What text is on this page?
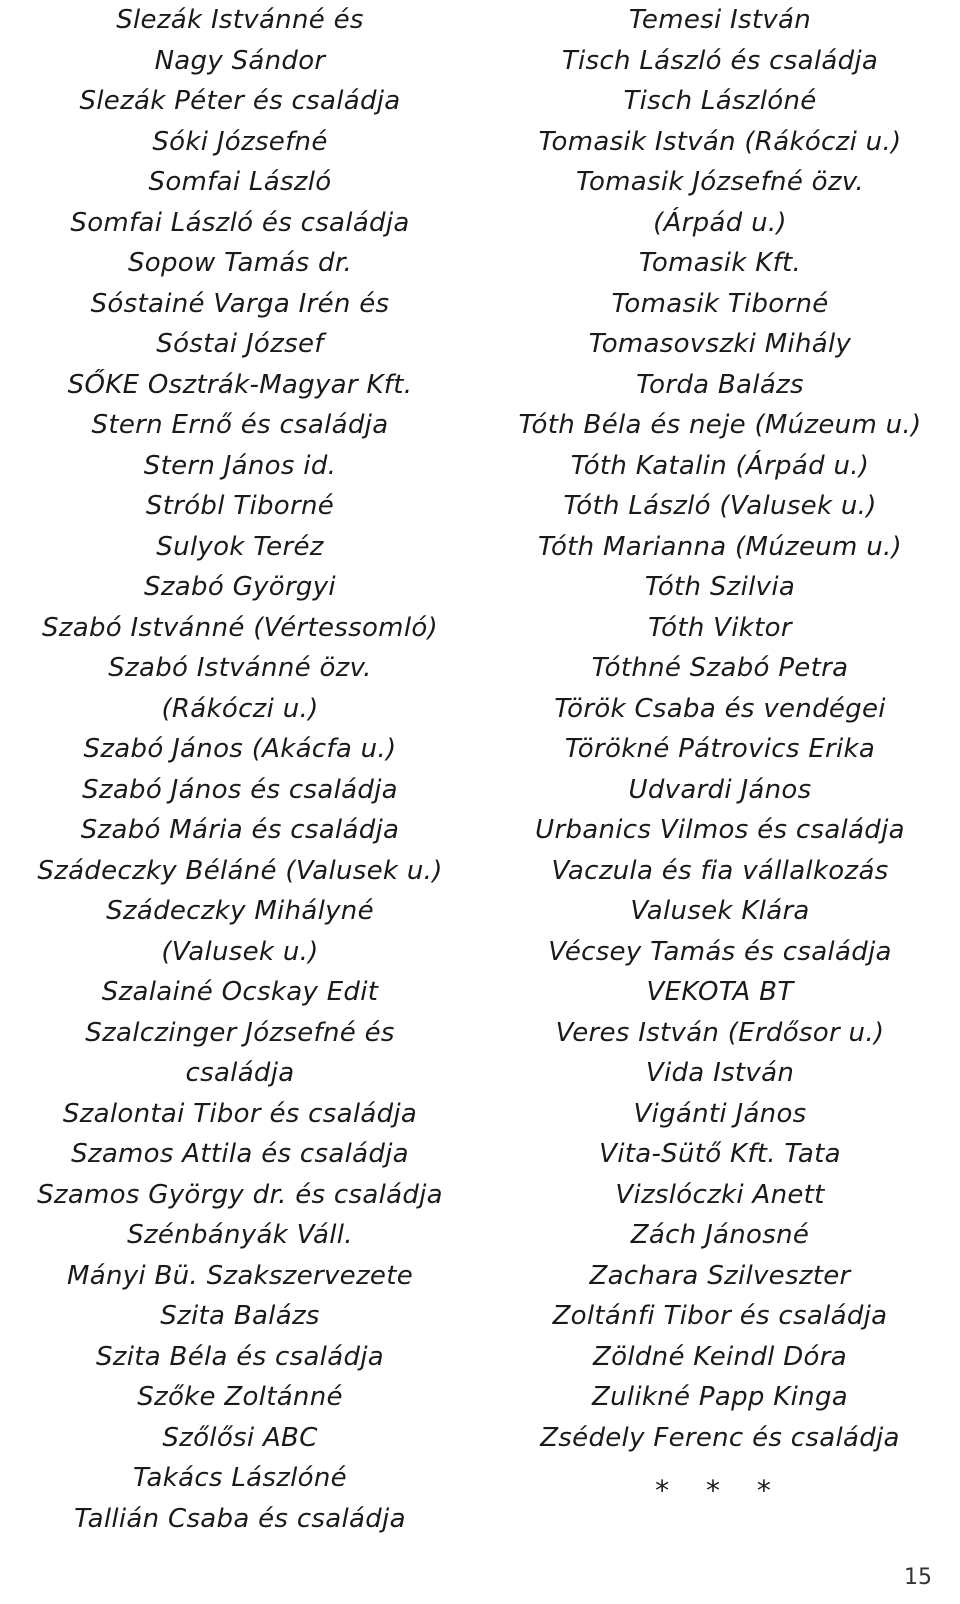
Slezák Istvánné és
Nagy Sándor
Slezák Péter és családja
Sóki Józsefné
Somfai László
Somfai László és családja
Sopow Tamás dr.
Sóstainé Varga Irén és
Sóstai József
SŐKE Osztrák-Magyar Kft.
Stern Ernő és családja
Stern János id.
Stróbl Tiborné
Sulyok Teréz
Szabó Györgyi
Szabó Istvánné (Vértessomló)
Szabó Istvánné özv.
(Rákóczi u.)
Szabó János (Akácfa u.)
Szabó János és családja
Szabó Mária és családja
Szádeczky Béláné (Valusek u.)
Szádeczky Mihályné
(Valusek u.)
Szalainé Ocskay Edit
Szalczinger Józsefné és
családja
Szalontai Tibor és családja
Szamos Attila és családja
Szamos György dr. és családja
Szénbányák Váll.
Mányi Bü. Szakszervezete
Szita Balázs
Szita Béla és családja
Szőke Zoltánné
Szőlősi ABC
Takács Lászlóné
Tallián Csaba és családja
Temesi István
Tisch László és családja
Tisch Lászlóné
Tomasik István (Rákóczi u.)
Tomasik Józsefné özv.
(Árpád u.)
Tomasik Kft.
Tomasik Tiborné
Tomasovszki Mihály
Torda Balázs
Tóth Béla és neje (Múzeum u.)
Tóth Katalin (Árpád u.)
Tóth László (Valusek u.)
Tóth Marianna (Múzeum u.)
Tóth Szilvia
Tóth Viktor
Tóthné Szabó Petra
Török Csaba és vendégei
Törökné Pátrovics Erika
Udvardi János
Urbanics Vilmos és családja
Vaczula és fia vállalkozás
Valusek Klára
Vécsey Tamás és családja
VEKOTA BT
Veres István (Erdősor u.)
Vida István
Vigánti János
Vita-Sütő Kft. Tata
Vizslóczki Anett
Zách Jánosné
Zachara Szilveszter
Zoltánfi Tibor és családja
Zöldné Keindl Dóra
Zulikné Papp Kinga
Zsédely Ferenc és családja
* * *
15
